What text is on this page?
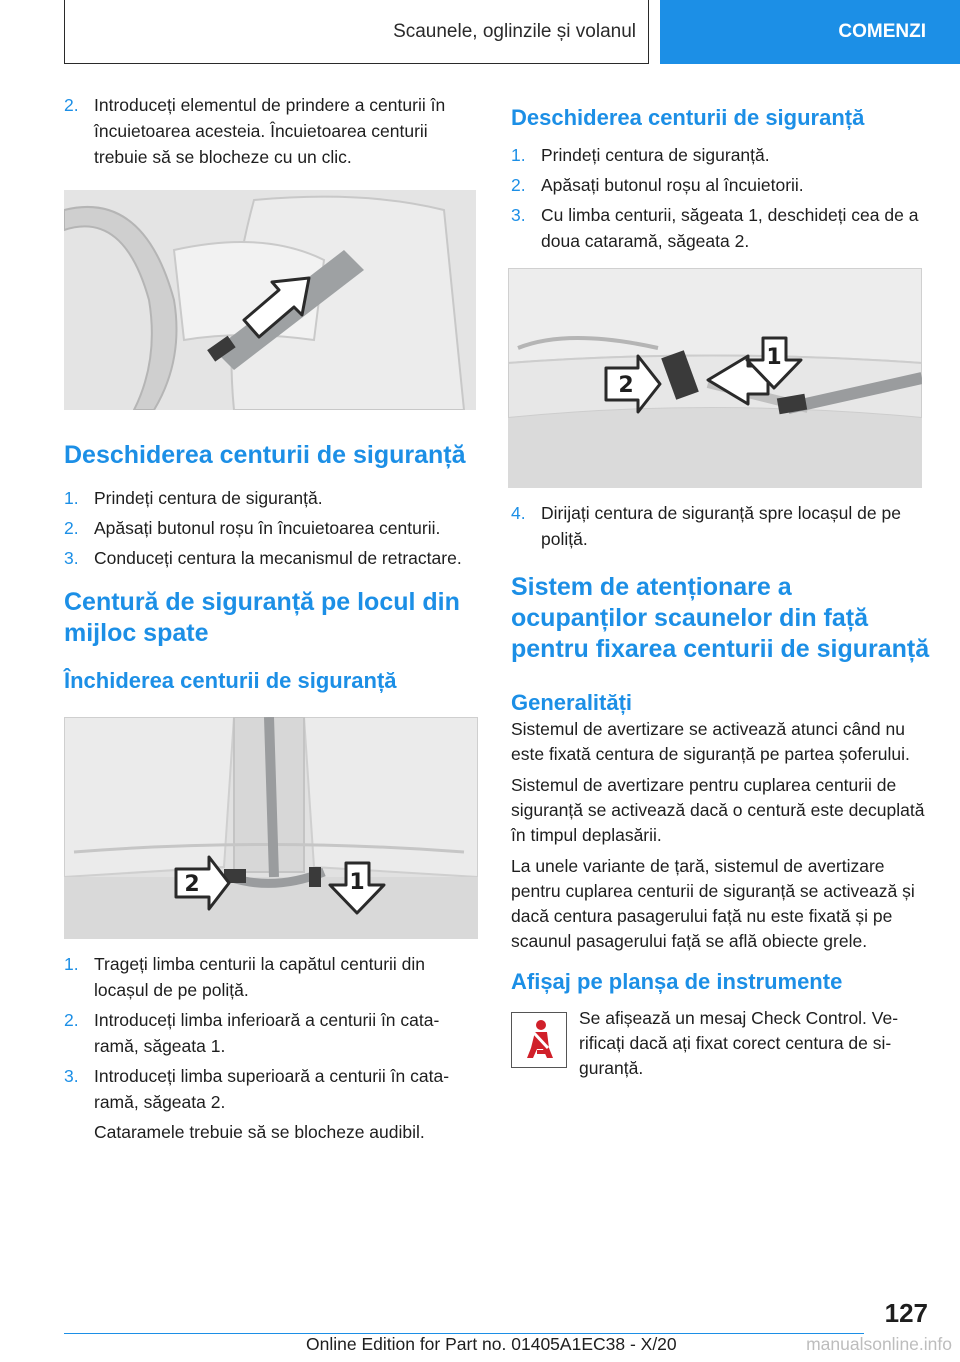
Scaunele, oglinzile și volanul	COMENZI
2. Introduceți elementul de prindere a centurii în încuietoarea acesteia. Încuietoarea centurii trebuie să se blocheze cu un clic.
Deschiderea centurii de siguranță
1. Prindeți centura de siguranță.
2. Apăsați butonul roșu în încuietoarea centurii.
3. Conduceți centura la mecanismul de retractare.
Centură de siguranță pe locul din mijloc spate
Închiderea centurii de siguranță
2	1
1. Trageți limba centurii la capătul centurii din locașul de pe poliță.
2. Introduceți limba inferioară a centurii în cataramă, săgeata 1.
3. Introduceți limba superioară a centurii în cataramă, săgeata 2.

Cataramele trebuie să se blocheze audibil.

Deschiderea centurii de siguranță
1. Prindeți centura de siguranță.
2. Apăsați butonul roșu al încuietorii.
3. Cu limba centurii, săgeata 1, deschideți cea de a doua cataramă, săgeata 2.
2
1
4. Dirijați centura de siguranță spre locașul de pe poliță.
Sistem de atenționare a ocupanților scaunelor din față pentru fixarea centurii de siguranță
Generalități

Sistemul de avertizare se activează atunci când nu este fixată centura de siguranță pe partea șoferului.

Sistemul de avertizare pentru cuplarea centurii de siguranță se activează dacă o centură este decuplată în timpul deplasării.

La unele variante de țară, sistemul de avertizare pentru cuplarea centurii de siguranță se activează și dacă centura pasagerului față nu este fixată și pe scaunul pasagerului față se află obiecte grele.

Afișaj pe planșa de instrumente

Se afișează un mesaj Check Control. Verificați dacă ați fixat corect centura de siguranță.

127
Online Edition for Part no. 01405A1EC38 - X/20	manualsonline.info
